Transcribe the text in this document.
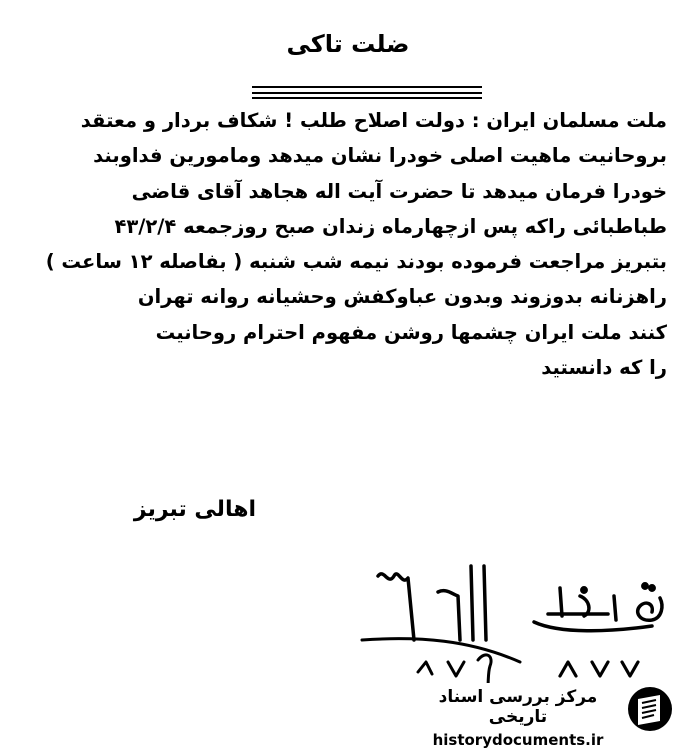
ضلت تاکی

ملت مسلمان ایران : دولت اصلاح طلب ! شکاف بردار و معتقد

بروحانیت ماهیت اصلی خودرا نشان میدهد ومامورین فداوبند

خودرا فرمان میدهد تا حضرت آیت اله هجاهد آقای قاضی

طباطبائی راکه پس ازچهارماه زندان صبح روزجمعه ۴۳/۲/۴

بتبریز مراجعت فرموده بودند نیمه شب شنبه ( بفاصله ۱۲ ساعت )

راهزنانه بدوزوند وبدون عباوکفش وحشیانه روانه تهران

کنند ملت ایران چشمها روشن مفهوم احترام روحانیت

را که دانستید

اهالی تبریز
مرکز بررسی اسناد تاریخی
historydocuments.ir
